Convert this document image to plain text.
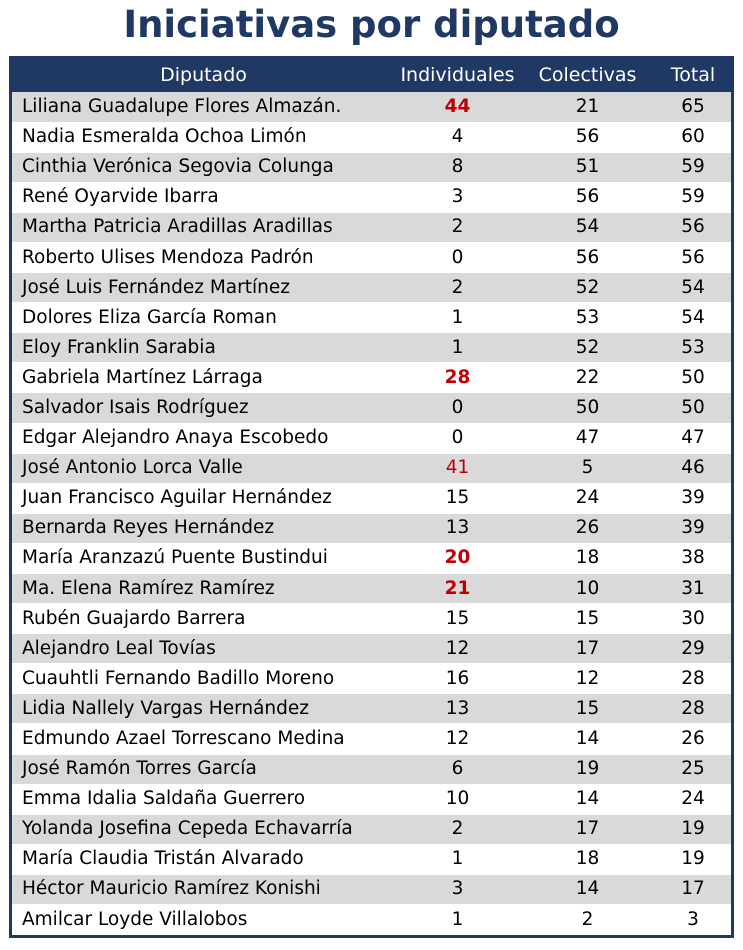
Iniciativas por diputado
Diputado	Individuales	Colectivas	Total
Liliana Guadalupe Flores Almazán.	44	21	65
Nadia Esmeralda Ochoa Limón	4	56	60
Cinthia Verónica Segovia Colunga	8	51	59
René Oyarvide Ibarra	3	56	59
Martha Patricia Aradillas Aradillas	2	54	56
Roberto Ulises Mendoza Padrón	0	56	56
José Luis Fernández Martínez	2	52	54
Dolores Eliza García Roman	1	53	54
Eloy Franklin Sarabia	1	52	53
Gabriela Martínez Lárraga	28	22	50
Salvador Isais Rodríguez	0	50	50
Edgar Alejandro Anaya Escobedo	0	47	47
José Antonio Lorca Valle	41	5	46
Juan Francisco Aguilar Hernández	15	24	39
Bernarda Reyes Hernández	13	26	39
María Aranzazú Puente Bustindui	20	18	38
Ma. Elena Ramírez Ramírez	21	10	31
Rubén Guajardo Barrera	15	15	30
Alejandro Leal Tovías	12	17	29
Cuauhtli Fernando Badillo Moreno	16	12	28
Lidia Nallely Vargas Hernández	13	15	28
Edmundo Azael Torrescano Medina	12	14	26
José Ramón Torres García	6	19	25
Emma Idalia Saldaña Guerrero	10	14	24
Yolanda Josefina Cepeda Echavarría	2	17	19
María Claudia Tristán Alvarado	1	18	19
Héctor Mauricio Ramírez Konishi	3	14	17
Amilcar Loyde Villalobos	1	2	3
